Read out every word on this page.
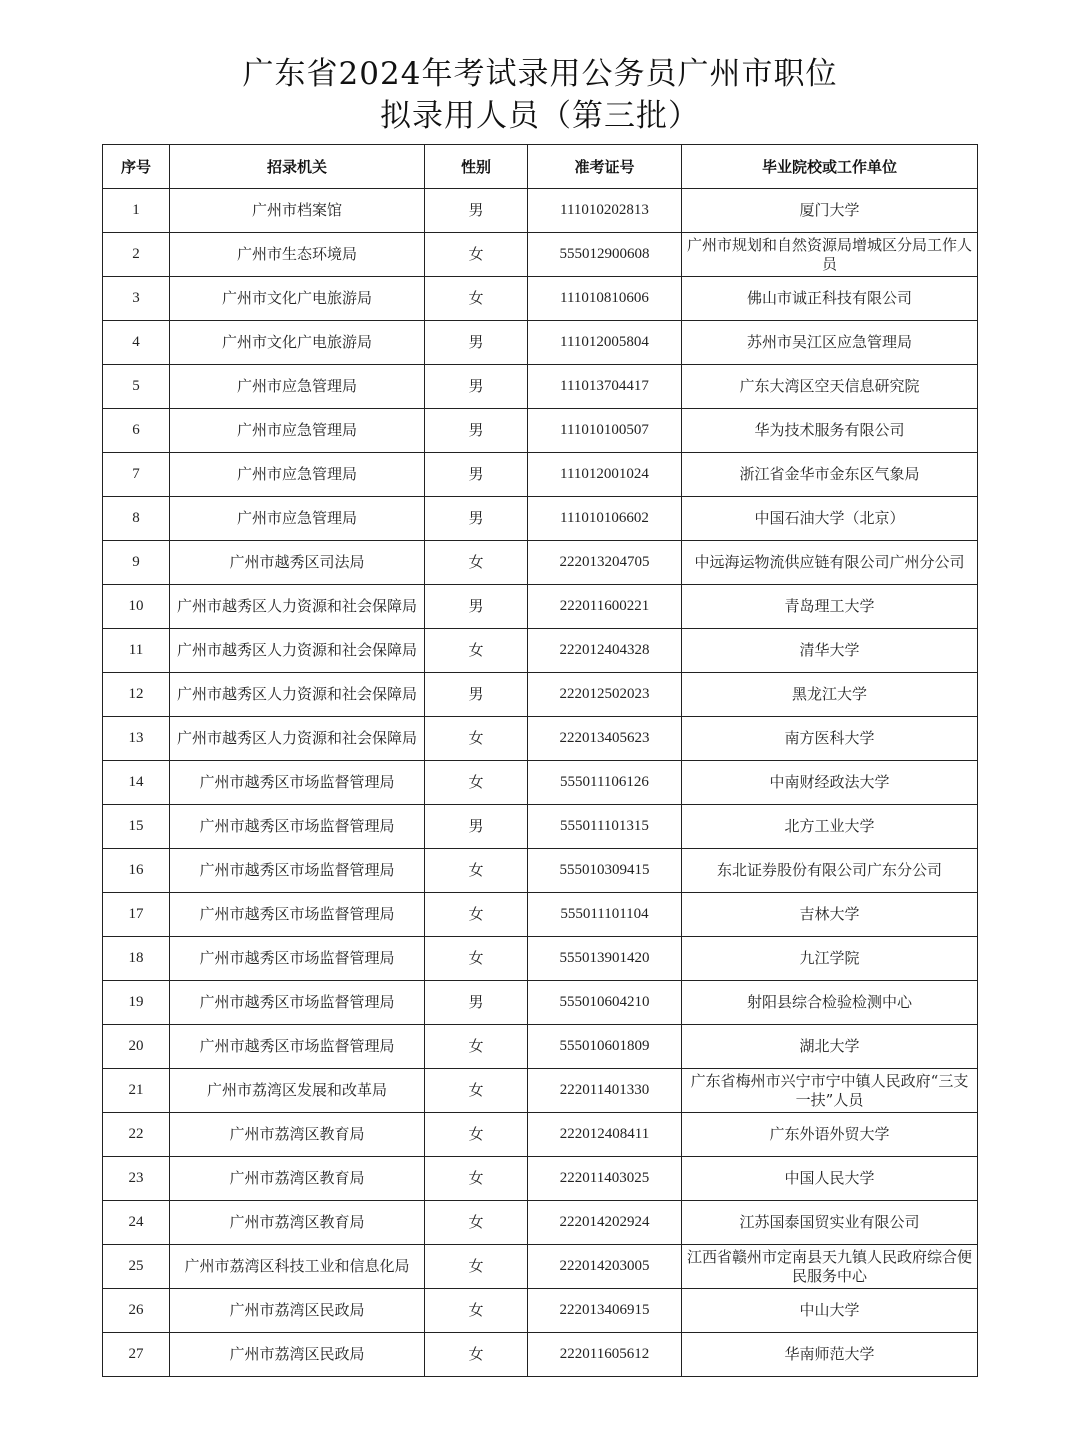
广东省2024年考试录用公务员广州市职位
拟录用人员（第三批）
序号	招录机关	性别	准考证号	毕业院校或工作单位
1	广州市档案馆	男	111010202813	厦门大学
2	广州市生态环境局	女	555012900608	广州市规划和自然资源局增城区分局工作人员
3	广州市文化广电旅游局	女	111010810606	佛山市诚正科技有限公司
4	广州市文化广电旅游局	男	111012005804	苏州市吴江区应急管理局
5	广州市应急管理局	男	111013704417	广东大湾区空天信息研究院
6	广州市应急管理局	男	111010100507	华为技术服务有限公司
7	广州市应急管理局	男	111012001024	浙江省金华市金东区气象局
8	广州市应急管理局	男	111010106602	中国石油大学（北京）
9	广州市越秀区司法局	女	222013204705	中远海运物流供应链有限公司广州分公司
10	广州市越秀区人力资源和社会保障局	男	222011600221	青岛理工大学
11	广州市越秀区人力资源和社会保障局	女	222012404328	清华大学
12	广州市越秀区人力资源和社会保障局	男	222012502023	黑龙江大学
13	广州市越秀区人力资源和社会保障局	女	222013405623	南方医科大学
14	广州市越秀区市场监督管理局	女	555011106126	中南财经政法大学
15	广州市越秀区市场监督管理局	男	555011101315	北方工业大学
16	广州市越秀区市场监督管理局	女	555010309415	东北证券股份有限公司广东分公司
17	广州市越秀区市场监督管理局	女	555011101104	吉林大学
18	广州市越秀区市场监督管理局	女	555013901420	九江学院
19	广州市越秀区市场监督管理局	男	555010604210	射阳县综合检验检测中心
20	广州市越秀区市场监督管理局	女	555010601809	湖北大学
21	广州市荔湾区发展和改革局	女	222011401330	广东省梅州市兴宁市宁中镇人民政府“三支一扶”人员
22	广州市荔湾区教育局	女	222012408411	广东外语外贸大学
23	广州市荔湾区教育局	女	222011403025	中国人民大学
24	广州市荔湾区教育局	女	222014202924	江苏国泰国贸实业有限公司
25	广州市荔湾区科技工业和信息化局	女	222014203005	江西省赣州市定南县天九镇人民政府综合便民服务中心
26	广州市荔湾区民政局	女	222013406915	中山大学
27	广州市荔湾区民政局	女	222011605612	华南师范大学
